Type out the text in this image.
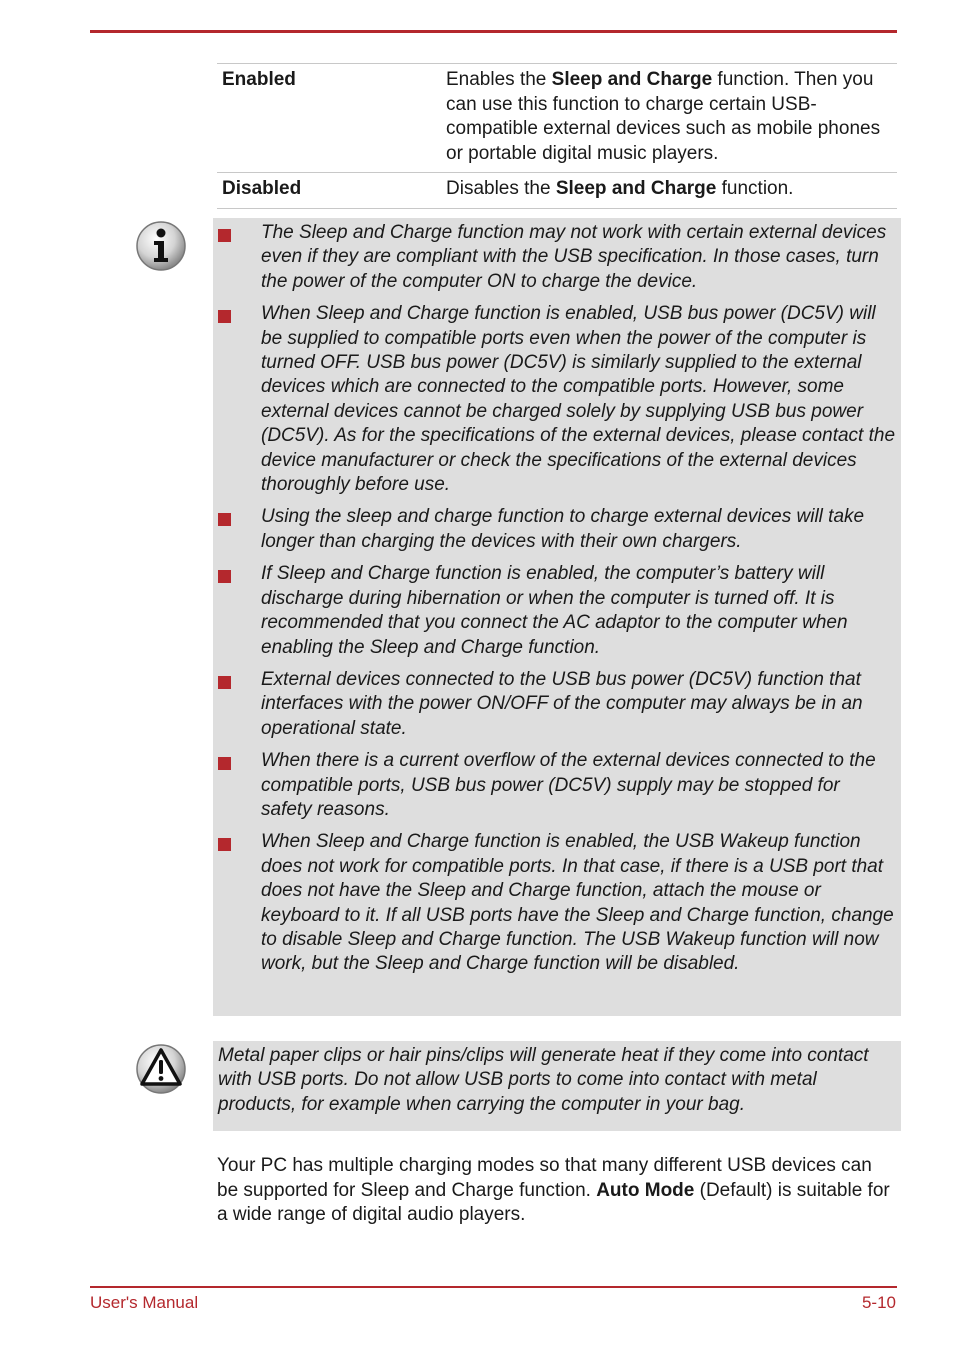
Enabled	Enables the Sleep and Charge function. Then you can use this function to charge certain USB-compatible external devices such as mobile phones or portable digital music players.
Disabled	Disables the Sleep and Charge function.
The Sleep and Charge function may not work with certain external devices even if they are compliant with the USB specification. In those cases, turn the power of the computer ON to charge the device.
When Sleep and Charge function is enabled, USB bus power (DC5V) will be supplied to compatible ports even when the power of the computer is turned OFF. USB bus power (DC5V) is similarly supplied to the external devices which are connected to the compatible ports. However, some external devices cannot be charged solely by supplying USB bus power (DC5V). As for the specifications of the external devices, please contact the device manufacturer or check the specifications of the external devices thoroughly before use.
Using the sleep and charge function to charge external devices will take longer than charging the devices with their own chargers.
If Sleep and Charge function is enabled, the computer’s battery will discharge during hibernation or when the computer is turned off. It is recommended that you connect the AC adaptor to the computer when enabling the Sleep and Charge function.
External devices connected to the USB bus power (DC5V) function that interfaces with the power ON/OFF of the computer may always be in an operational state.
When there is a current overflow of the external devices connected to the compatible ports, USB bus power (DC5V) supply may be stopped for safety reasons.
When Sleep and Charge function is enabled, the USB Wakeup function does not work for compatible ports. In that case, if there is a USB port that does not have the Sleep and Charge function, attach the mouse or keyboard to it. If all USB ports have the Sleep and Charge function, change to disable Sleep and Charge function. The USB Wakeup function will now work, but the Sleep and Charge function will be disabled.

Metal paper clips or hair pins/clips will generate heat if they come into contact with USB ports. Do not allow USB ports to come into contact with metal products, for example when carrying the computer in your bag.

Your PC has multiple charging modes so that many different USB devices can be supported for Sleep and Charge function. Auto Mode (Default) is suitable for a wide range of digital audio players.

User's Manual	5-10
